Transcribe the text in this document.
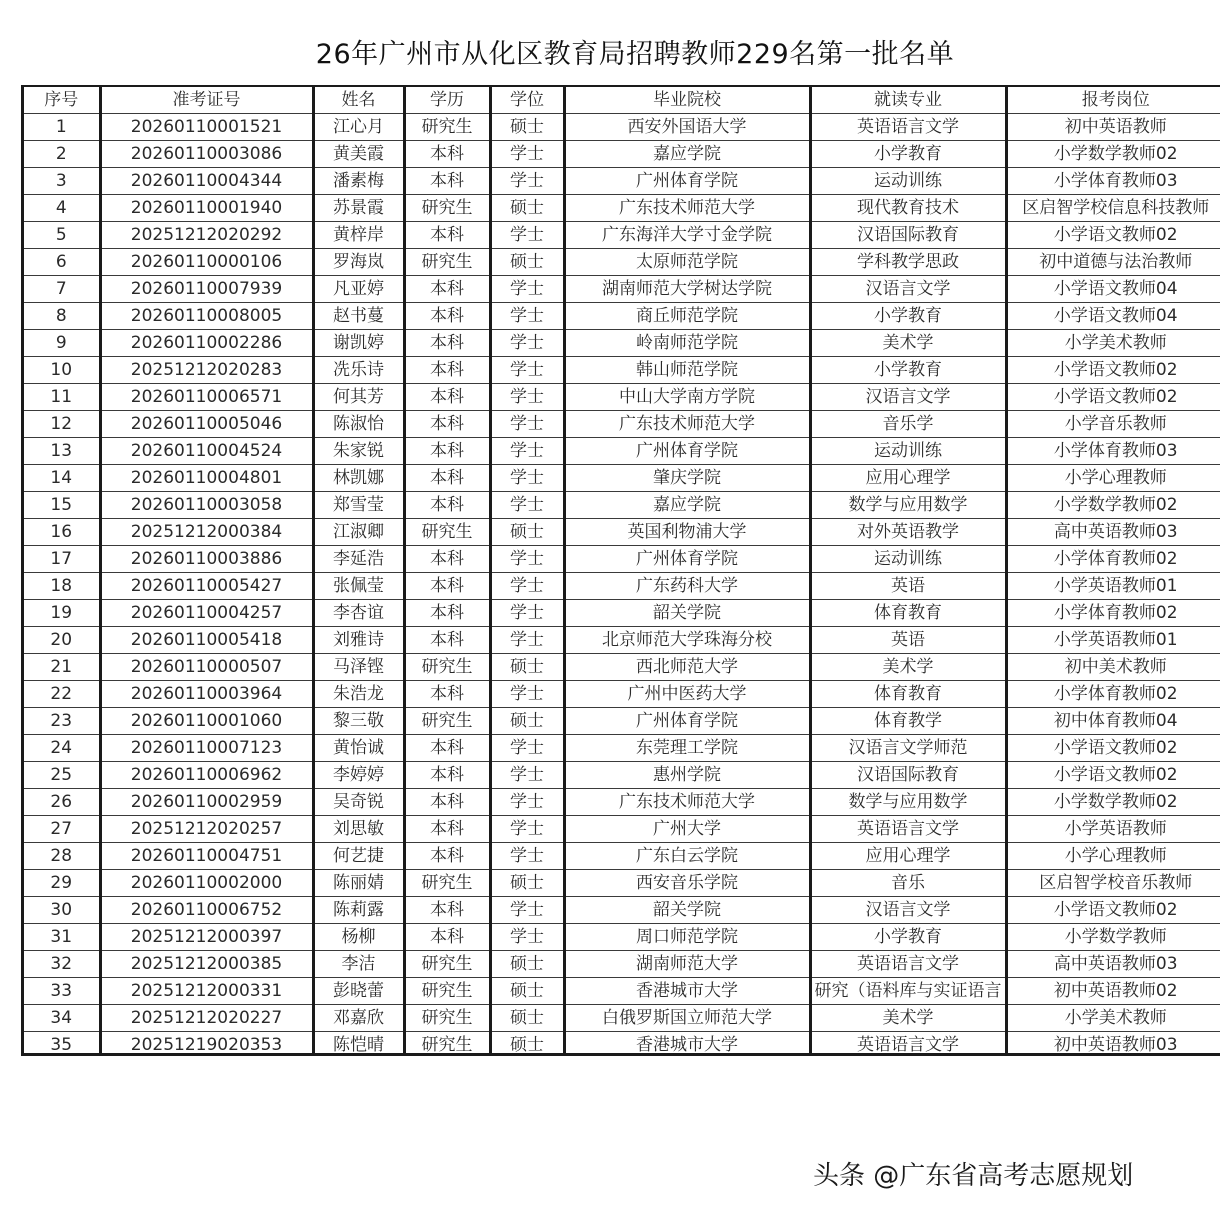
26年广州市从化区教育局招聘教师229名第一批名单
序号	准考证号	姓名	学历	学位	毕业院校	就读专业	报考岗位
1	20260110001521	江心月	研究生	硕士	西安外国语大学	英语语言文学	初中英语教师
2	20260110003086	黄美霞	本科	学士	嘉应学院	小学教育	小学数学教师02
3	20260110004344	潘素梅	本科	学士	广州体育学院	运动训练	小学体育教师03
4	20260110001940	苏景霞	研究生	硕士	广东技术师范大学	现代教育技术	区启智学校信息科技教师
5	20251212020292	黄梓岸	本科	学士	广东海洋大学寸金学院	汉语国际教育	小学语文教师02
6	20260110000106	罗海岚	研究生	硕士	太原师范学院	学科教学思政	初中道德与法治教师
7	20260110007939	凡亚婷	本科	学士	湖南师范大学树达学院	汉语言文学	小学语文教师04
8	20260110008005	赵书蔓	本科	学士	商丘师范学院	小学教育	小学语文教师04
9	20260110002286	谢凯婷	本科	学士	岭南师范学院	美术学	小学美术教师
10	20251212020283	冼乐诗	本科	学士	韩山师范学院	小学教育	小学语文教师02
11	20260110006571	何其芳	本科	学士	中山大学南方学院	汉语言文学	小学语文教师02
12	20260110005046	陈淑怡	本科	学士	广东技术师范大学	音乐学	小学音乐教师
13	20260110004524	朱家锐	本科	学士	广州体育学院	运动训练	小学体育教师03
14	20260110004801	林凯娜	本科	学士	肇庆学院	应用心理学	小学心理教师
15	20260110003058	郑雪莹	本科	学士	嘉应学院	数学与应用数学	小学数学教师02
16	20251212000384	江淑卿	研究生	硕士	英国利物浦大学	对外英语教学	高中英语教师03
17	20260110003886	李延浩	本科	学士	广州体育学院	运动训练	小学体育教师02
18	20260110005427	张佩莹	本科	学士	广东药科大学	英语	小学英语教师01
19	20260110004257	李杏谊	本科	学士	韶关学院	体育教育	小学体育教师02
20	20260110005418	刘雅诗	本科	学士	北京师范大学珠海分校	英语	小学英语教师01
21	20260110000507	马泽铿	研究生	硕士	西北师范大学	美术学	初中美术教师
22	20260110003964	朱浩龙	本科	学士	广州中医药大学	体育教育	小学体育教师02
23	20260110001060	黎三敬	研究生	硕士	广州体育学院	体育教学	初中体育教师04
24	20260110007123	黄怡诚	本科	学士	东莞理工学院	汉语言文学师范	小学语文教师02
25	20260110006962	李婷婷	本科	学士	惠州学院	汉语国际教育	小学语文教师02
26	20260110002959	吴奇锐	本科	学士	广东技术师范大学	数学与应用数学	小学数学教师02
27	20251212020257	刘思敏	本科	学士	广州大学	英语语言文学	小学英语教师
28	20260110004751	何艺捷	本科	学士	广东白云学院	应用心理学	小学心理教师
29	20260110002000	陈丽婧	研究生	硕士	西安音乐学院	音乐	区启智学校音乐教师
30	20260110006752	陈莉露	本科	学士	韶关学院	汉语言文学	小学语文教师02
31	20251212000397	杨柳	本科	学士	周口师范学院	小学教育	小学数学教师
32	20251212000385	李洁	研究生	硕士	湖南师范大学	英语语言文学	高中英语教师03
33	20251212000331	彭晓蕾	研究生	硕士	香港城市大学	研究（语料库与实证语言	初中英语教师02
34	20251212020227	邓嘉欣	研究生	硕士	白俄罗斯国立师范大学	美术学	小学美术教师
35	20251219020353	陈恺晴	研究生	硕士	香港城市大学	英语语言文学	初中英语教师03
头条 @广东省高考志愿规划
